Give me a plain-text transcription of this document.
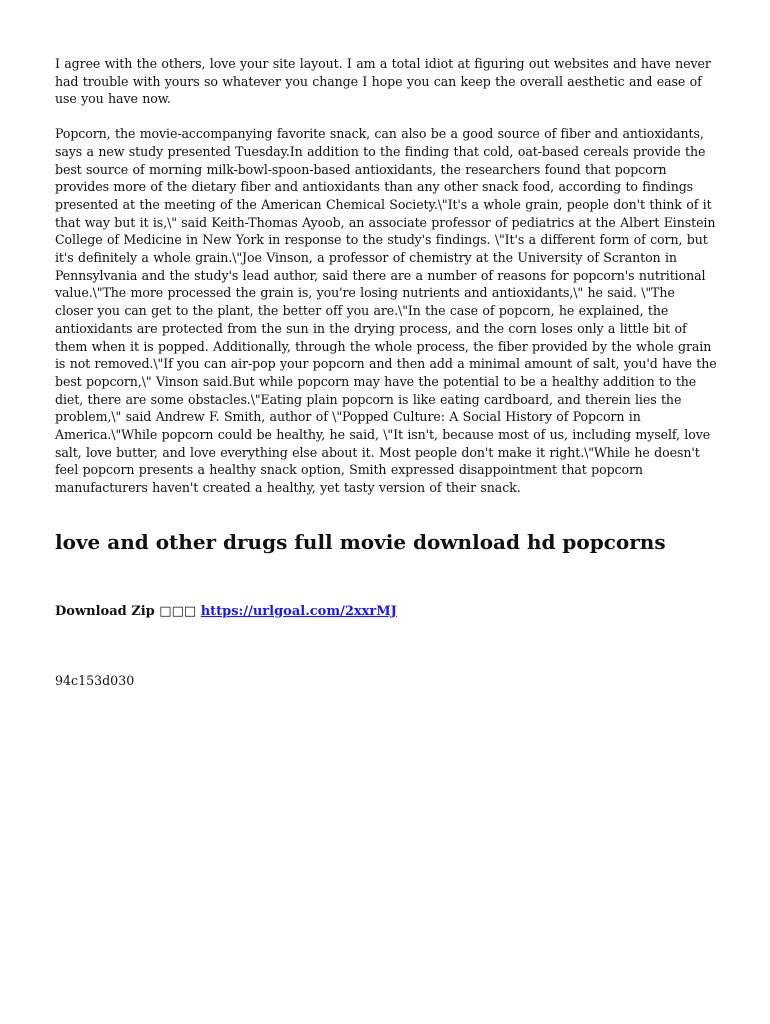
I agree with the others, love your site layout. I am a total idiot at figuring out websites and have never had trouble with yours so whatever you change I hope you can keep the overall aesthetic and ease of use you have now.

Popcorn, the movie-accompanying favorite snack, can also be a good source of fiber and antioxidants, says a new study presented Tuesday.In addition to the finding that cold, oat-based cereals provide the best source of morning milk-bowl-spoon-based antioxidants, the researchers found that popcorn provides more of the dietary fiber and antioxidants than any other snack food, according to findings presented at the meeting of the American Chemical Society.\"It's a whole grain, people don't think of it that way but it is,\" said Keith-Thomas Ayoob, an associate professor of pediatrics at the Albert Einstein College of Medicine in New York in response to the study's findings. \"It's a different form of corn, but it's definitely a whole grain.\"Joe Vinson, a professor of chemistry at the University of Scranton in Pennsylvania and the study's lead author, said there are a number of reasons for popcorn's nutritional value.\"The more processed the grain is, you're losing nutrients and antioxidants,\" he said. \"The closer you can get to the plant, the better off you are.\"In the case of popcorn, he explained, the antioxidants are protected from the sun in the drying process, and the corn loses only a little bit of them when it is popped. Additionally, through the whole process, the fiber provided by the whole grain is not removed.\"If you can air-pop your popcorn and then add a minimal amount of salt, you'd have the best popcorn,\" Vinson said.But while popcorn may have the potential to be a healthy addition to the diet, there are some obstacles.\"Eating plain popcorn is like eating cardboard, and therein lies the problem,\" said Andrew F. Smith, author of \"Popped Culture: A Social History of Popcorn in America.\"While popcorn could be healthy, he said, \"It isn't, because most of us, including myself, love salt, love butter, and love everything else about it. Most people don't make it right.\"While he doesn't feel popcorn presents a healthy snack option, Smith expressed disappointment that popcorn manufacturers haven't created a healthy, yet tasty version of their snack.

love and other drugs full movie download hd popcorns
Download Zip □□□ https://urlgoal.com/2xxrMJ
94c153d030
